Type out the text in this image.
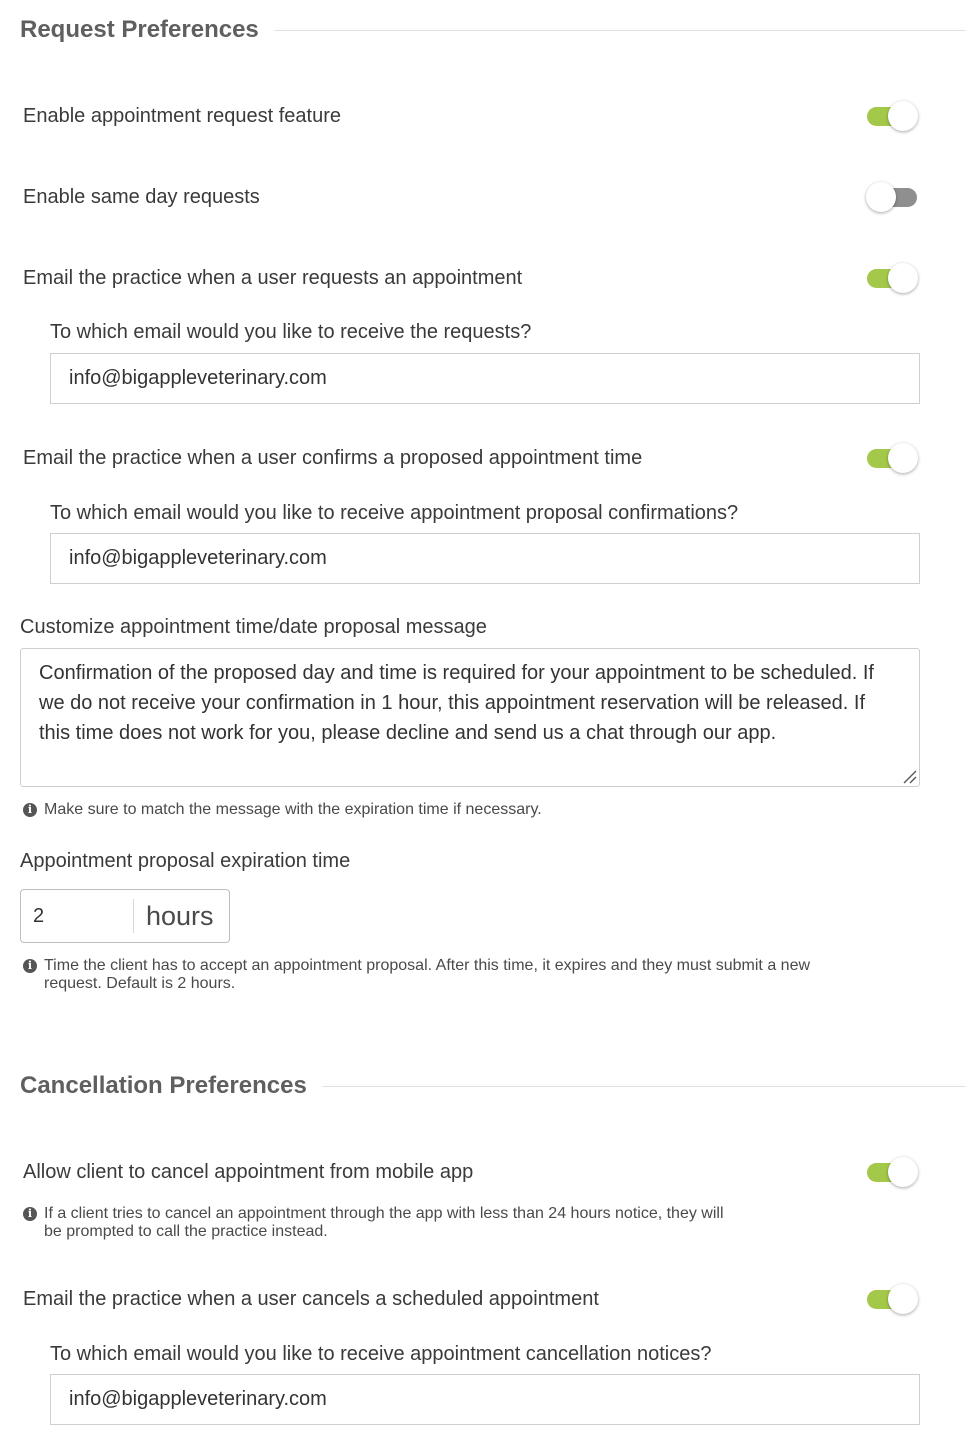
Request Preferences
Enable appointment request feature
Enable same day requests
Email the practice when a user requests an appointment
To which email would you like to receive the requests?
info@bigappleveterinary.com
Email the practice when a user confirms a proposed appointment time
To which email would you like to receive appointment proposal confirmations?
info@bigappleveterinary.com
Customize appointment time/date proposal message
Confirmation of the proposed day and time is required for your appointment to be scheduled. If we do not receive your confirmation in 1 hour, this appointment reservation will be released. If this time does not work for you, please decline and send us a chat through our app.
i Make sure to match the message with the expiration time if necessary.
Appointment proposal expiration time
2
hours
i Time the client has to accept an appointment proposal. After this time, it expires and they must submit a new
request. Default is 2 hours.
Cancellation Preferences
Allow client to cancel appointment from mobile app
i If a client tries to cancel an appointment through the app with less than 24 hours notice, they will
be prompted to call the practice instead.
Email the practice when a user cancels a scheduled appointment
To which email would you like to receive appointment cancellation notices?
info@bigappleveterinary.com
